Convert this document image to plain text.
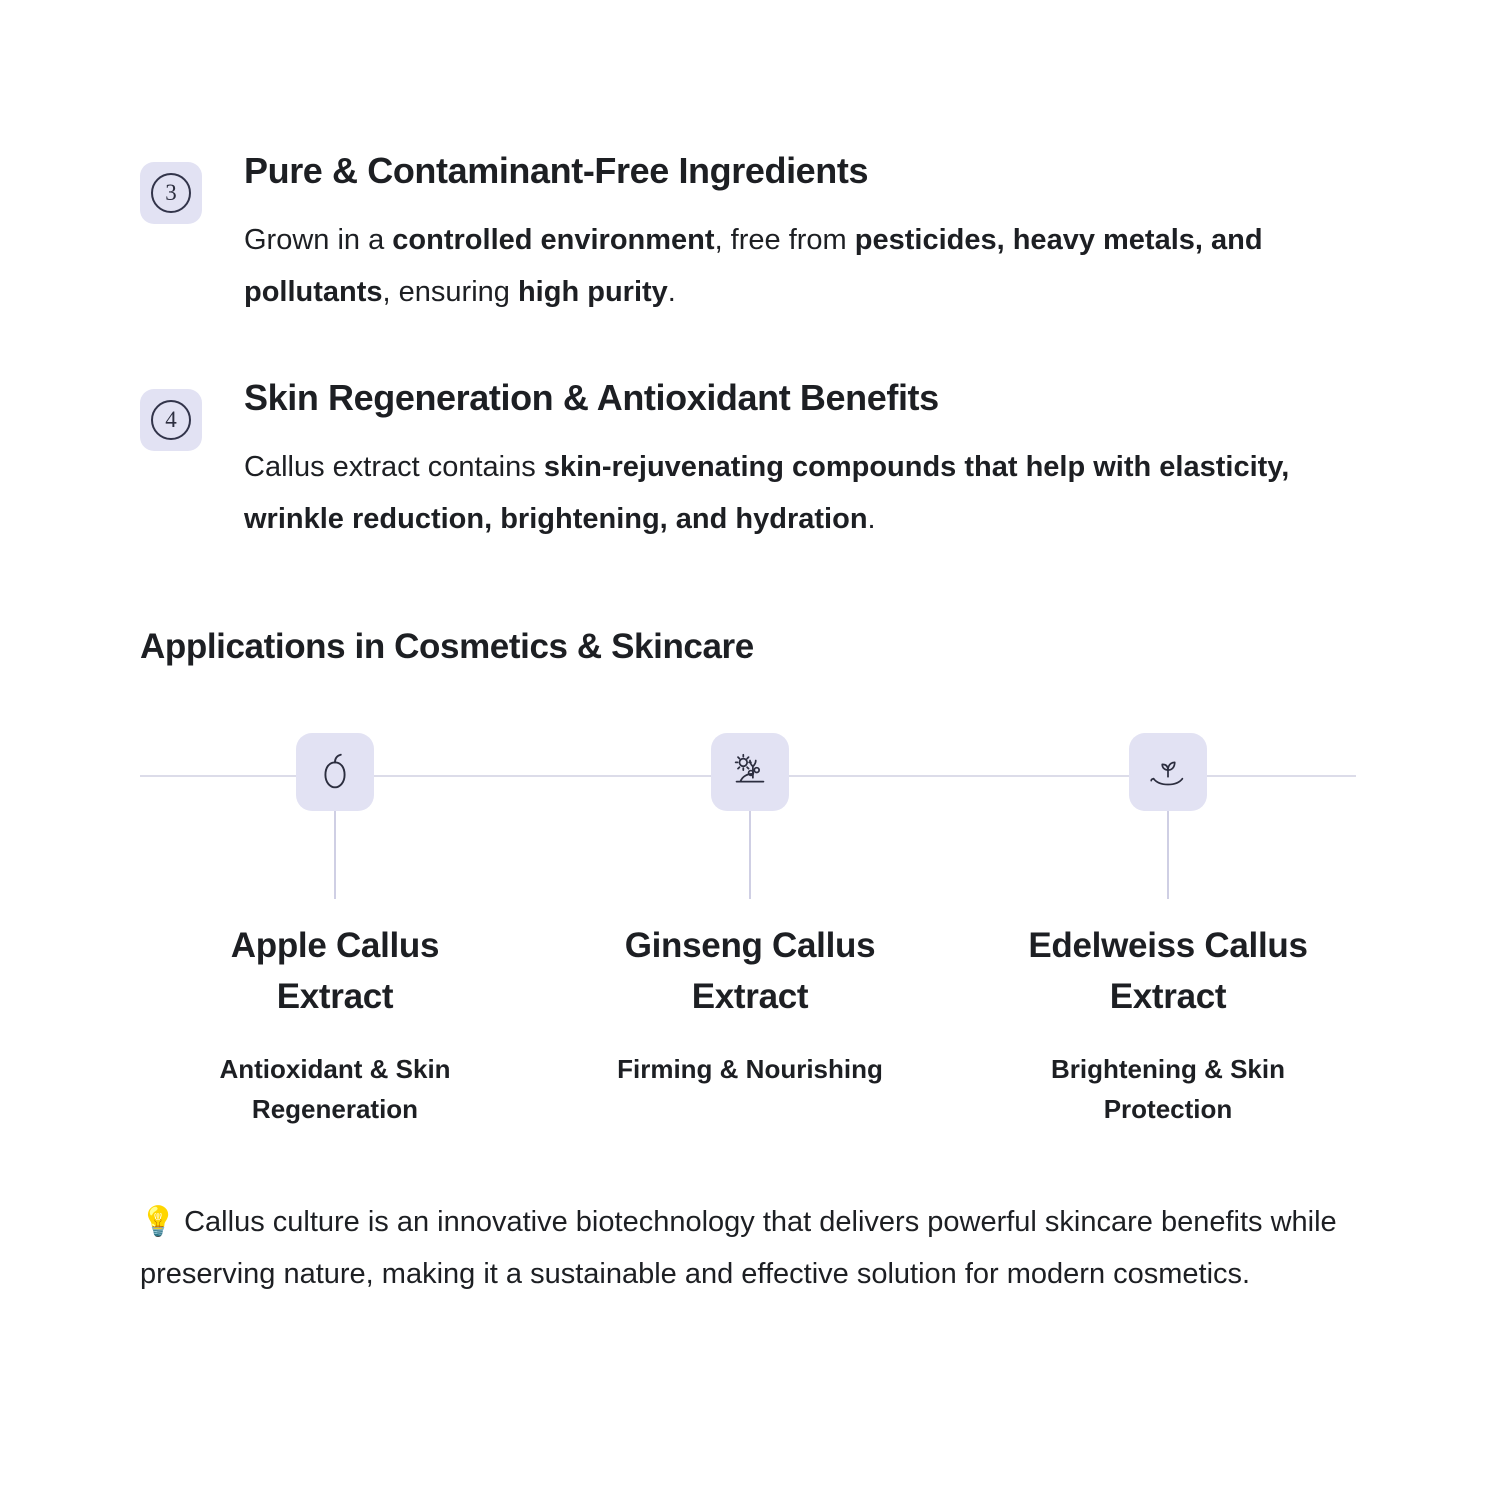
3
Pure & Contaminant-Free Ingredients

Grown in a controlled environment, free from pesticides, heavy metals, and pollutants, ensuring high purity.

4
Skin Regeneration & Antioxidant Benefits

Callus extract contains skin-rejuvenating compounds that help with elasticity, wrinkle reduction, brightening, and hydration.

Applications in Cosmetics & Skincare
Apple Callus Extract
Antioxidant & Skin Regeneration
Ginseng Callus Extract
Firming & Nourishing
Edelweiss Callus Extract
Brightening & Skin Protection

💡 Callus culture is an innovative biotechnology that delivers powerful skincare benefits while preserving nature, making it a sustainable and effective solution for modern cosmetics.
